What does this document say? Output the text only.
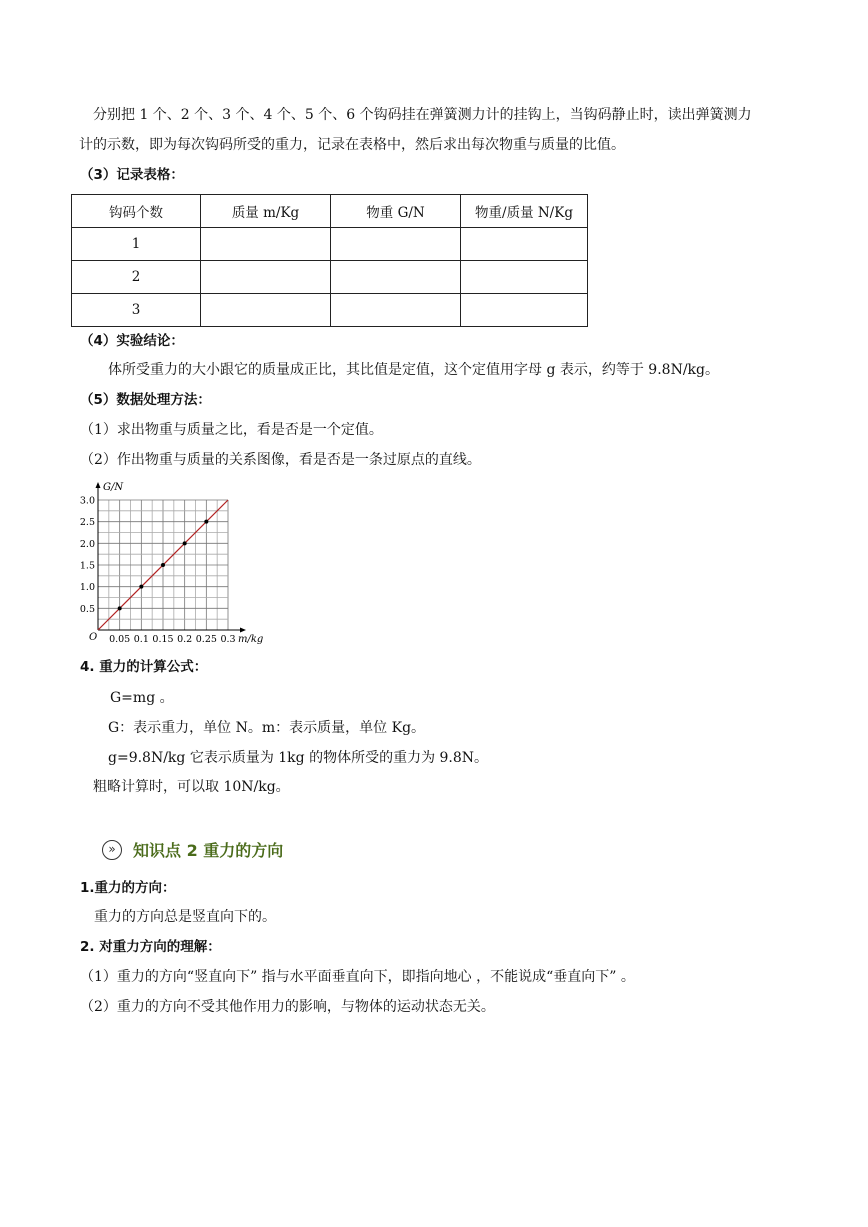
分别把 1 个、2 个、3 个、4 个、5 个、6 个钩码挂在弹簧测力计的挂钩上，当钩码静止时，读出弹簧测力
计的示数，即为每次钩码所受的重力，记录在表格中，然后求出每次物重与质量的比值。
（3）记录表格：
钩码个数	质量 m/Kg	物重 G/N	物重/质量 N/Kg
1			
2			
3			
（4）实验结论：
体所受重力的大小跟它的质量成正比，其比值是定值，这个定值用字母 g 表示，约等于 9.8N/kg。
（5）数据处理方法：
（1）求出物重与质量之比，看是否是一个定值。
（2）作出物重与质量的关系图像，看是否是一条过原点的直线。
G/N
m/kg
O
0.5
1.0
1.5
2.0
2.5
3.0
0.05 0.1 0.15 0.2 0.25 0.3
4. 重力的计算公式：
G=mg 。
G：表示重力，单位 N。m：表示质量，单位 Kg。
g=9.8N/kg 它表示质量为 1kg 的物体所受的重力为 9.8N。
粗略计算时，可以取 10N/kg。
»	知识点 2 重力的方向
1.重力的方向：
重力的方向总是竖直向下的。
2. 对重力方向的理解：
（1）重力的方向“竖直向下” 指与水平面垂直向下，即指向地心 ，不能说成“垂直向下” 。
（2）重力的方向不受其他作用力的影响，与物体的运动状态无关。
